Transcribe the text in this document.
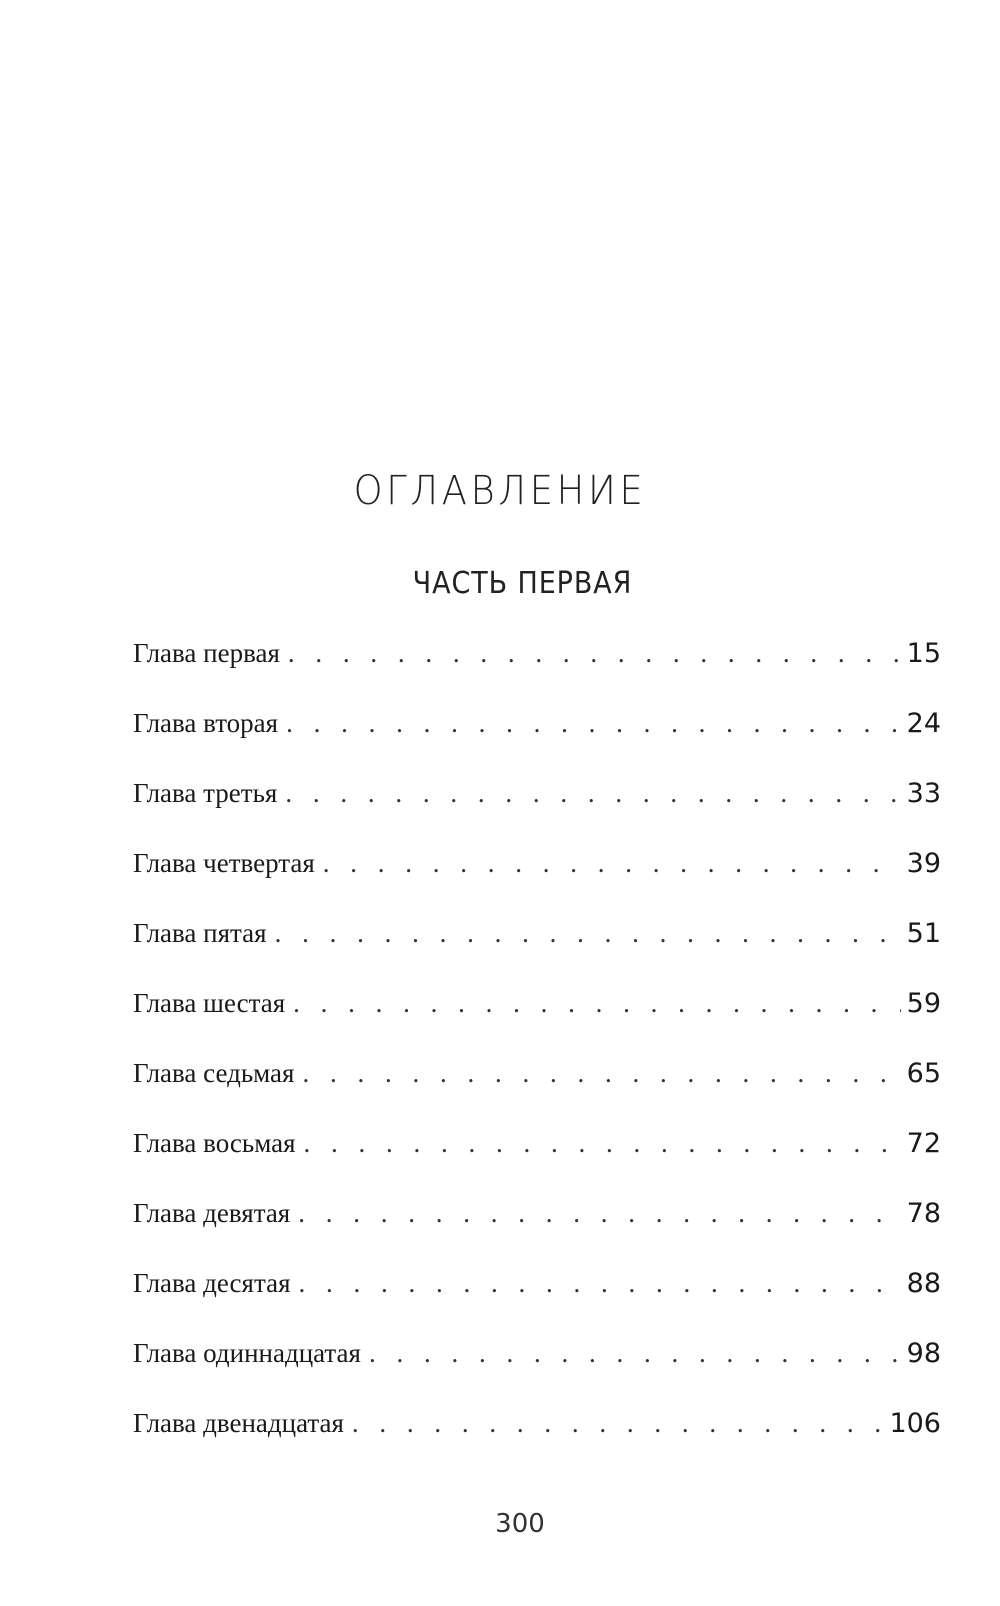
ОГЛАВЛЕНИЕ
ЧАСТЬ ПЕРВАЯ
Глава первая . . .	15
Глава вторая . . .	24
Глава третья . . .	33
Глава четвертая . . .	39
Глава пятая . . .	51
Глава шестая . . .	59
Глава седьмая . . .	65
Глава восьмая . . .	72
Глава девятая . . .	78
Глава десятая . . .	88
Глава одиннадцатая . . .	98
Глава двенадцатая . . .	106
300
